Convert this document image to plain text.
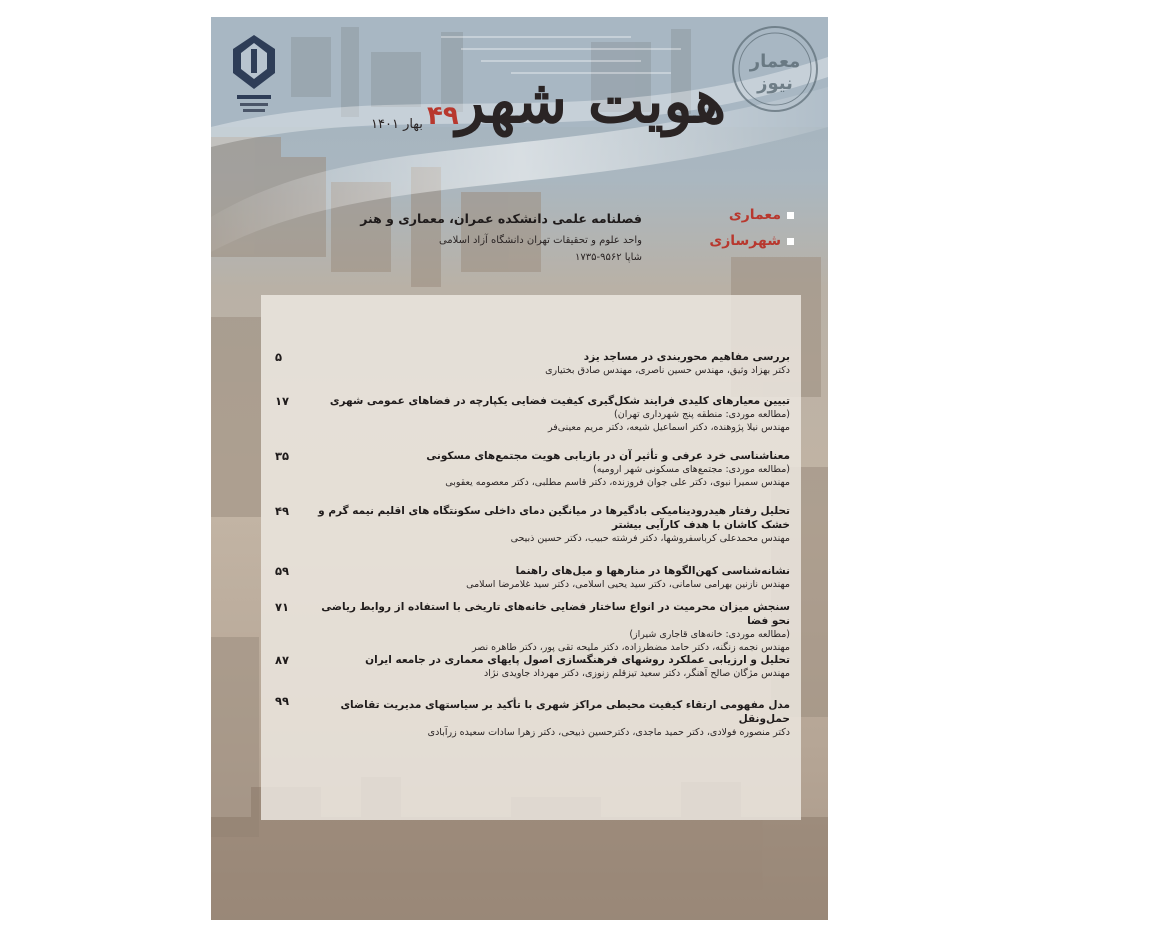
معمار
نیوز
هویت شهر
۴۹
بهار ۱۴۰۱
فصلنامه علمی دانشکده عمران، معماری و هنر
واحد علوم و تحقیقات تهران دانشگاه آزاد اسلامی
شاپا ۹۵۶۲-۱۷۳۵
معماری
شهرسازی
بررسی مفاهیم محوربندی در مساجد یزد
دکتر بهزاد وثیق، مهندس حسین ناصری، مهندس صادق بختیاری
۵
تبیین معیارهای کلیدی فرایند شکل‌گیری کیفیت فضایی یکپارچه در فضاهای عمومی شهری
(مطالعه موردی: منطقه پنج شهرداری تهران)
مهندس نیلا پژوهنده، دکتر اسماعیل شیعه، دکتر مریم معینی‌فر
۱۷
معناشناسی خرد عرفی و تأثیر آن در بازیابی هویت مجتمع‌های مسکونی
(مطالعه موردی: مجتمع‌های مسکونی شهر ارومیه)
مهندس سمیرا نبوی، دکتر علی جوان فروزنده، دکتر قاسم مطلبی، دکتر معصومه یعقوبی
۳۵
تحلیل رفتار هیدرودینامیکی بادگیرها در میانگین دمای داخلی سکونتگاه های اقلیم نیمه گرم و خشک کاشان با هدف کارآیی بیشتر
مهندس محمدعلی کرباسفروشها، دکتر فرشته حبیب، دکتر حسین ذبیحی
۴۹
نشانه‌شناسی کهن‌الگوها در منارهها و میل‌های راهنما
مهندس نازنین بهرامی سامانی، دکتر سید یحیی اسلامی، دکتر سید غلامرضا اسلامی
۵۹
سنجش میزان محرمیت در انواع ساختار فضایی خانه‌های تاریخی با استفاده از روابط ریاضی نحو فضا
(مطالعه موردی: خانه‌های قاجاری شیراز)
مهندس نجمه زنگنه، دکتر حامد مضطرزاده، دکتر ملیحه تقی پور، دکتر طاهره نصر
۷۱
تحلیل و ارزیابی عملکرد روشهای فرهنگسازی اصول پایهای معماری در جامعه ایران
مهندس مژگان صالح آهنگر، دکتر سعید تیزقلم زنوزی، دکتر مهرداد جاویدی نژاد
۸۷
مدل مفهومی ارتقاء کیفیت محیطی مراکز شهری با تأکید بر سیاستهای مدیریت تقاضای حمل‌ونقل
دکتر منصوره فولادی، دکتر حمید ماجدی، دکترحسین ذبیحی، دکتر زهرا سادات سعیده زرآبادی
۹۹
